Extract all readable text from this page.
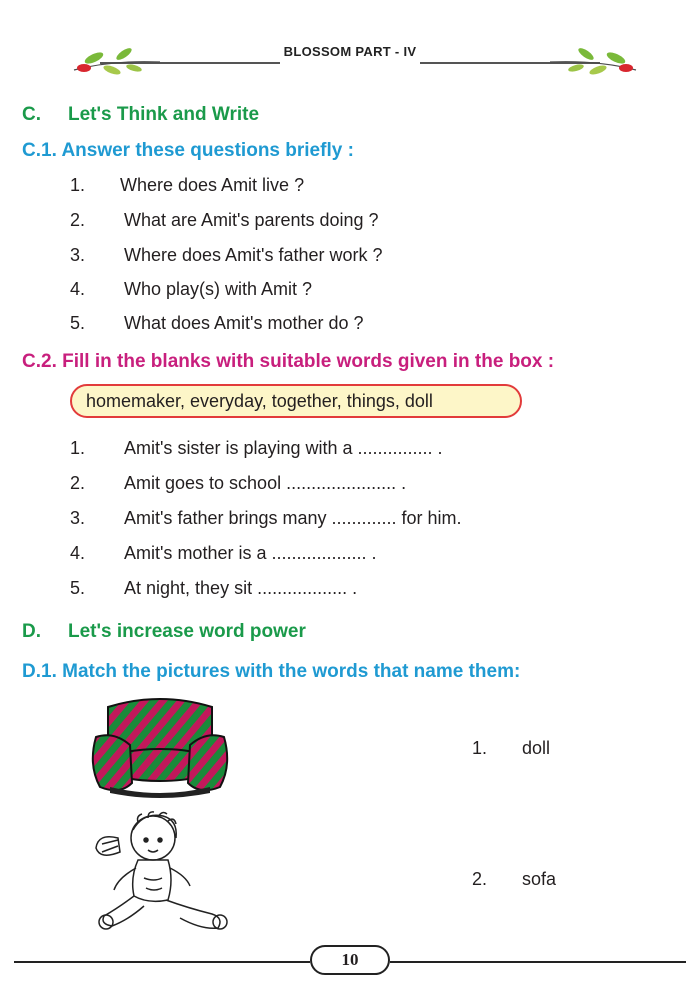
BLOSSOM PART - IV
C. Let's Think and Write
C.1. Answer these questions briefly :
1.	Where does Amit live ?
2.	What are Amit's parents doing ?
3.	Where does Amit's father work ?
4.	Who play(s) with Amit ?
5.	What does Amit's mother do ?
C.2. Fill in the blanks with suitable words given in the box :
homemaker, everyday, together, things, doll
1.	Amit's sister is playing with a ............... .
2.	Amit goes to school ...................... .
3.	Amit's father brings many ............. for him.
4.	Amit's mother is a ................... .
5.	At night, they sit .................. .
D. Let's increase word power
D.1. Match the pictures with the words that name them:
1. doll
2. sofa
10
